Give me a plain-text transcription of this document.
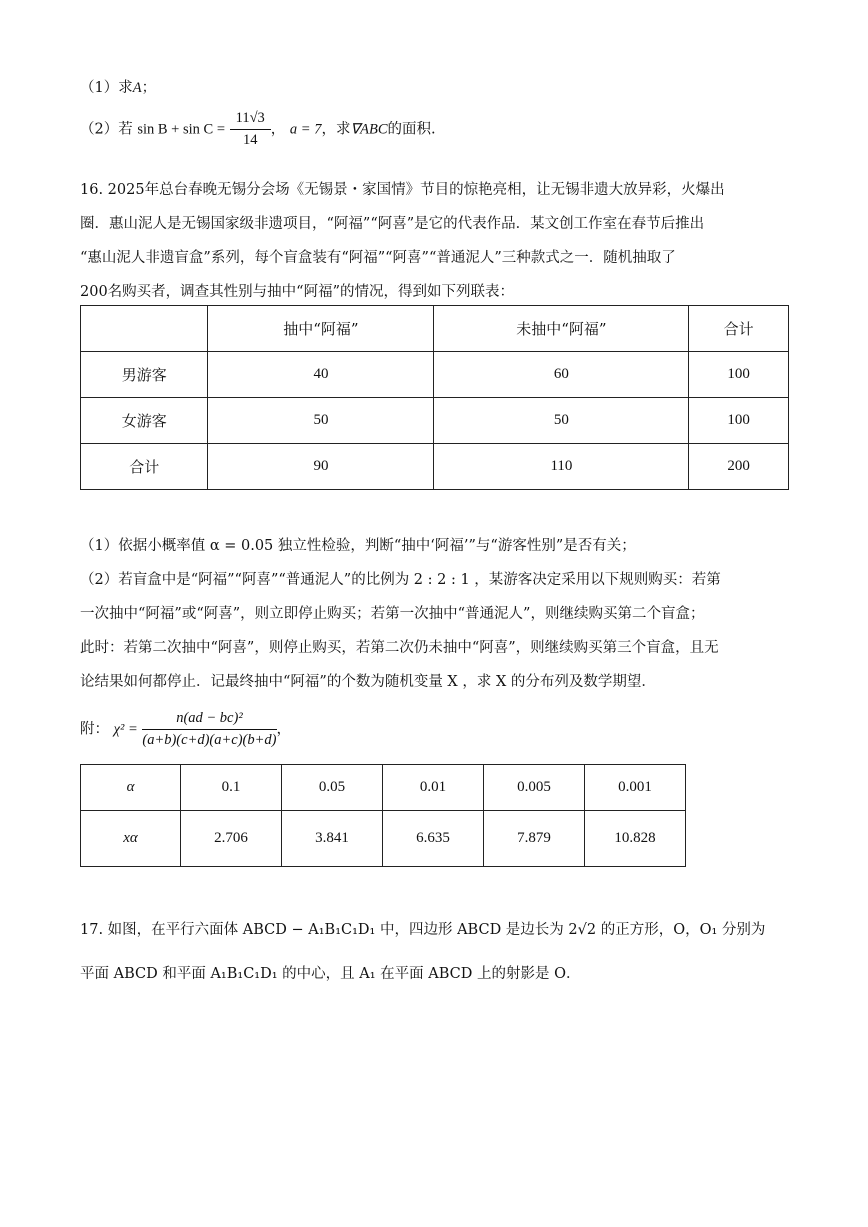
（1）求A；
（2）若 $\sin B + \sin C = \frac{11√3}{14}$ ， a = 7，求∇ABC的面积.
16. 2025年总台春晚无锡分会场《无锡景・家国情》节目的惊艳亮相，让无锡非遗大放异彩，火爆出
圈．惠山泥人是无锡国家级非遗项目，“阿福”“阿喜”是它的代表作品．某文创工作室在春节后推出
“惠山泥人非遗盲盒”系列，每个盲盒装有“阿福”“阿喜”“普通泥人”三种款式之一．随机抽取了
200名购买者，调查其性别与抽中“阿福”的情况，得到如下列联表：
	抽中“阿福”	未抽中“阿福”	合计
男游客	40	60	100
女游客	50	50	100
合计	90	110	200
（1）依据小概率值 α = 0.05 独立性检验，判断“抽中‘阿福’”与“游客性别”是否有关；
（2）若盲盒中是“阿福”“阿喜”“普通泥人”的比例为 2 : 2 : 1 ，某游客决定采用以下规则购买：若第
一次抽中“阿福”或“阿喜”，则立即停止购买；若第一次抽中“普通泥人”，则继续购买第二个盲盒；
此时：若第二次抽中“阿喜”，则停止购买，若第二次仍未抽中“阿喜”，则继续购买第三个盲盒，且无
论结果如何都停止．记最终抽中“阿福”的个数为随机变量 X ，求 X 的分布列及数学期望．
附： $\chi^2 = \frac{\text{n(ad − bc)²}}{(a+b)(c+d)(a+c)(b+d)}$ ，
α	0.1	0.05	0.01	0.005	0.001
xα	2.706	3.841	6.635	7.879	10.828
17. 如图，在平行六面体 ABCD − A₁B₁C₁D₁ 中，四边形 ABCD 是边长为 2√2 的正方形，O，O₁ 分别为
平面 ABCD 和平面 A₁B₁C₁D₁ 的中心，且 A₁ 在平面 ABCD 上的射影是 O．
